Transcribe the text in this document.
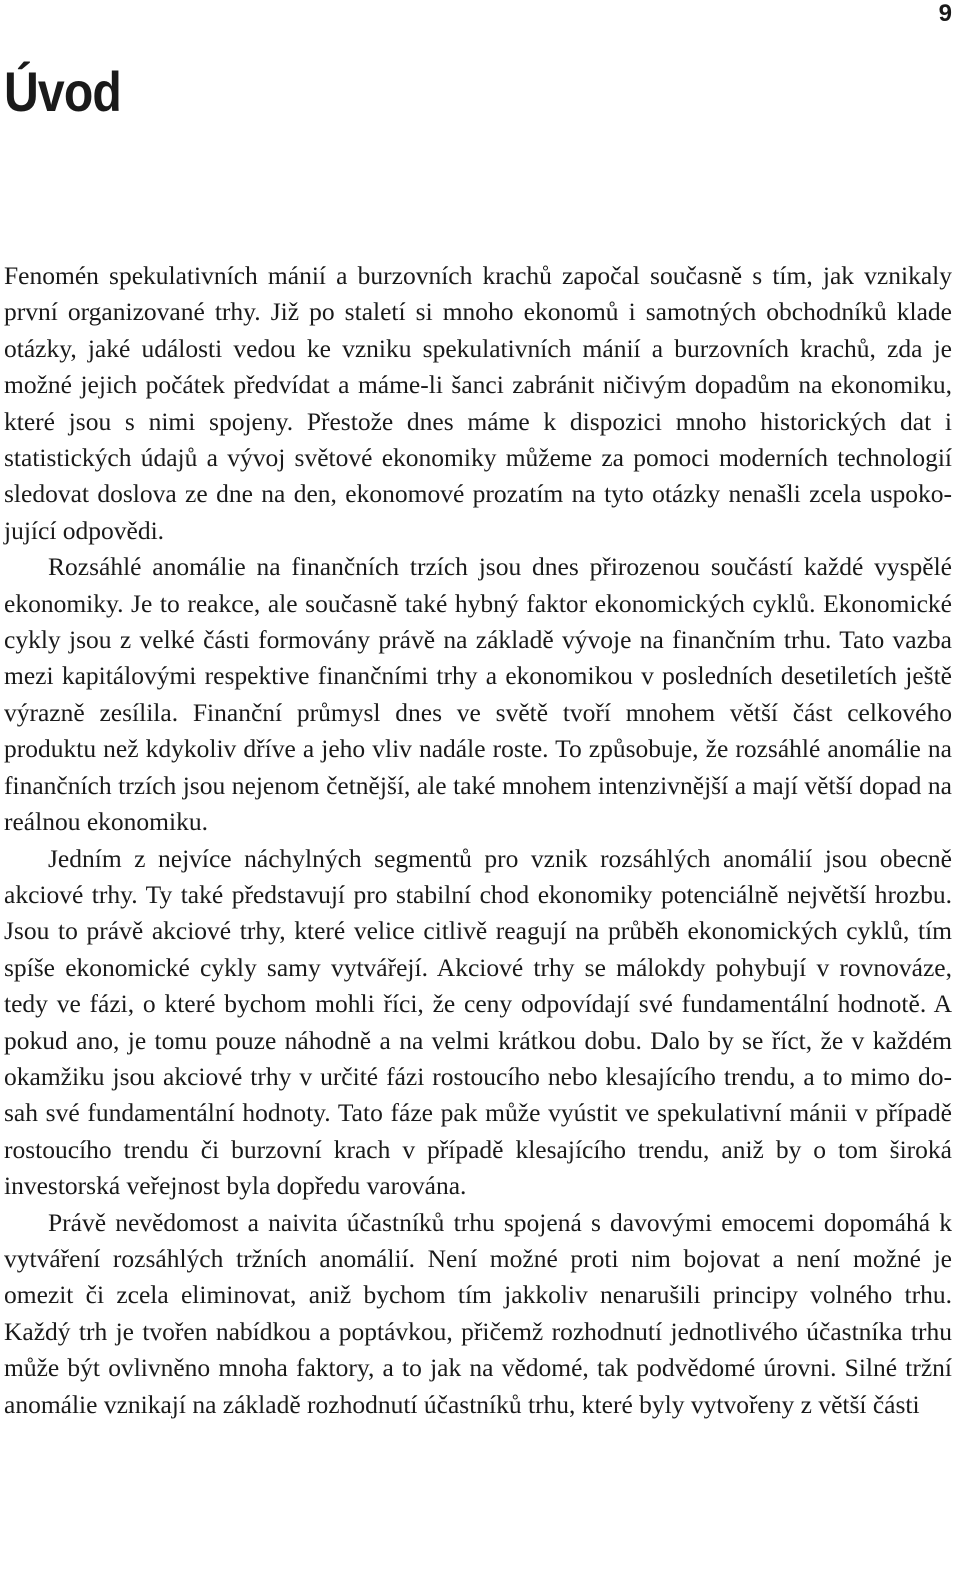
9
Úvod

Fenomén spekulativních mánií a burzovních krachů započal současně s tím, jak vznikaly první organizované trhy. Již po staletí si mnoho ekonomů i samotných obchodníků klade otázky, jaké události vedou ke vzniku spekulativních mánií a burzovních krachů, zda je možné jejich počátek předvídat a máme-li šanci zabránit ničivým dopadům na ekonomiku, které jsou s nimi spojeny. Přestože dnes máme k dispozici mnoho historických dat i statistických údajů a vývoj světové ekonomiky můžeme za pomoci moderních technologií sledovat doslova ze dne na den, ekonomové prozatím na tyto otázky nenašli zcela uspokojující odpovědi.

Rozsáhlé anomálie na finančních trzích jsou dnes přirozenou součástí každé vyspělé ekonomiky. Je to reakce, ale současně také hybný faktor ekonomických cyklů. Ekonomické cykly jsou z velké části formovány právě na základě vývoje na finančním trhu. Tato vazba mezi kapitálovými respektive finančními trhy a ekonomikou v posledních desetiletích ještě výrazně zesílila. Finanční průmysl dnes ve světě tvoří mnohem větší část celkového produktu než kdykoliv dříve a jeho vliv nadále roste. To způsobuje, že rozsáhlé anomálie na finančních trzích jsou nejenom četnější, ale také mnohem intenzivnější a mají větší dopad na reálnou ekonomiku.

Jedním z nejvíce náchylných segmentů pro vznik rozsáhlých anomálií jsou obecně akciové trhy. Ty také představují pro stabilní chod ekonomiky potenciálně největší hrozbu. Jsou to právě akciové trhy, které velice citlivě reagují na průběh ekonomických cyklů, tím spíše ekonomické cykly samy vytvářejí. Akciové trhy se málokdy pohybují v rovnováze, tedy ve fázi, o které bychom mohli říci, že ceny odpovídají své fundamentální hodnotě. A pokud ano, je tomu pouze náhodně a na velmi krátkou dobu. Dalo by se říct, že v každém okamžiku jsou akciové trhy v určité fázi rostoucího nebo klesajícího trendu, a to mimo dosah své fundamentální hodnoty. Tato fáze pak může vyústit ve spekulativní mánii v případě rostoucího trendu či burzovní krach v případě klesajícího trendu, aniž by o tom široká investorská veřejnost byla dopředu varována.

Právě nevědomost a naivita účastníků trhu spojená s davovými emocemi dopomáhá k vytváření rozsáhlých tržních anomálií. Není možné proti nim bojovat a není možné je omezit či zcela eliminovat, aniž bychom tím jakkoliv nenarušili principy volného trhu. Každý trh je tvořen nabídkou a poptávkou, přičemž rozhodnutí jednotlivého účastníka trhu může být ovlivněno mnoha faktory, a to jak na vědomé, tak podvědomé úrovni. Silné tržní anomálie vznikají na základě rozhodnutí účastníků trhu, které byly vytvořeny z větší části
